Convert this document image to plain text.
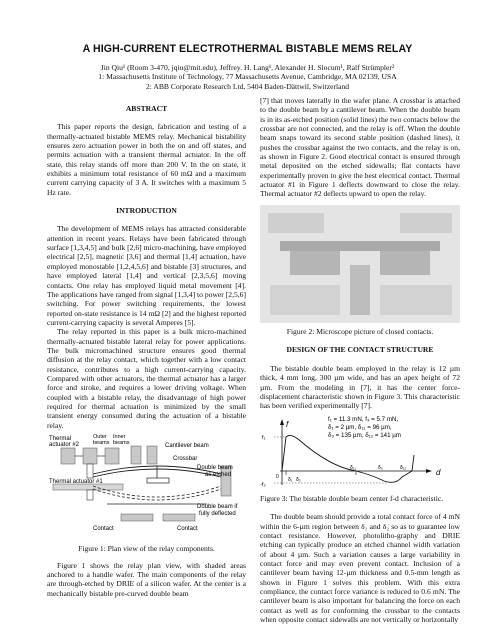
A HIGH-CURRENT ELECTROTHERMAL BISTABLE MEMS RELAY
Jin Qiu¹ (Room 3-470, jqiu@mit.edu), Jeffrey. H. Lang¹, Alexander H. Slocum¹, Ralf Strümpler²
1: Massachusetts Institute of Technology, 77 Massachusetts Avenue, Cambridge, MA 02139, USA
2: ABB Corporate Research Ltd, 5404 Baden-Dättwil, Switzerland

ABSTRACT

This paper reports the design, fabrication and testing of a thermally-actuated bistable MEMS relay. Mechanical bistability ensures zero actuation power in both the on and off states, and permits actuation with a transient thermal actuator. In the off state, this relay stands off more than 200 V. In the on state, it exhibits a minimum total resistance of 60 mΩ and a maximum current carrying capacity of 3 A. It switches with a maximum 5 Hz rate.

INTRODUCTION

The development of MEMS relays has attracted considerable attention in recent years. Relays have been fabricated through surface [1,3,4,5] and bulk [2,6] micro-machining, have employed electrical [2,5], magnetic [3,6] and thermal [1,4] actuation, have employed monostable [1,2,4,5,6] and bistable [3] structures, and have employed lateral [1,4] and vertical [2,3,5,6] moving contacts. One relay has employed liquid metal movement [4]. The applications have ranged from signal [1,3,4] to power [2,5,6] switching. For power switching requirements, the lowest reported on-state resistance is 14 mΩ [2] and the highest reported current-carrying capacity is several Amperes [5].

The relay reported in this paper is a bulk micro-machined thermally-actuated bistable lateral relay for power applications. The bulk micromachined structure ensures good thermal diffusion at the relay contact, which together with a low contact resistance, contributes to a high current-carrying capacity. Compared with other actuators, the thermal actuator has a larger force and stroke, and requires a lower driving voltage. When coupled with a bistable relay, the disadvantage of high power required for thermal actuation is minimized by the small transient energy consumed during the actuation of a bistable relay.

Thermal
actuator #2
Outer
beams
Inner
beams	Cantilever beam
Crossbar
Double beam
as etched
Thermal actuator #1
Double beam if
fully deflected
Contact	Contact

Figure 1: Plan view of the relay components.

Figure 1 shows the relay plan view, with shaded areas anchored to a handle wafer. The main components of the relay are through-etched by DRIE of a silicon wafer. At the center is a mechanically bistable pre-curved double beam

[7] that moves laterally in the wafer plane. A crossbar is attached to the double beam by a cantilever beam. When the double beam is in its as-etched position (solid lines) the two contacts below the crossbar are not connected, and the relay is off. When the double beam snaps toward its second stable position (dashed lines), it pushes the crossbar against the two contacts, and the relay is on, as shown in Figure 2. Good electrical contact is ensured through metal deposited on the etched sidewalls; flat contacts have experimentally proven to give the best electrical contact. Thermal actuator #1 in Figure 1 deflects downward to close the relay. Thermal actuator #2 deflects upward to open the relay.

Figure 2: Microscope picture of closed contacts.

DESIGN OF THE CONTACT STRUCTURE

The bistable double beam employed in the relay is 12 µm thick, 4 mm long, 300 µm wide, and has an apex height of 72 µm. From the modeling in [7], it has the center force-displacement characteristic shown in Figure 3. This characteristic has been verified experimentally [7].

f₁ = 11.3 mN, f₃ = 5.7 mN,
δ₁ = 2 µm, δ₁₁ = 96 µm,
δ₃ = 135 µm, δ₁₂ = 141 µm
f
d
f₁
-f₃
0 δ₁ δ₂
δ₁₁	δ₃	δ₁₂

Figure 3: The bistable double beam center f-d characteristic.

The double beam should provide a total contact force of 4 mN within the 6-µm region between δ₁ and δ₂ so as to guarantee low contact resistance. However, photolitho-graphy and DRIE etching can typically produce an etched channel width variation of about 4 µm. Such a variation causes a large variability in contact force and may even prevent contact. Inclusion of a cantilever beam having 12-µm thickness and 0.5-mm length as shown in Figure 1 solves this problem. With this extra compliance, the contact force variance is reduced to 0.6 mN. The cantilever beam is also important for balancing the force on each contact as well as for conforming the crossbar to the contacts when opposite contact sidewalls are not vertically or horizontally
